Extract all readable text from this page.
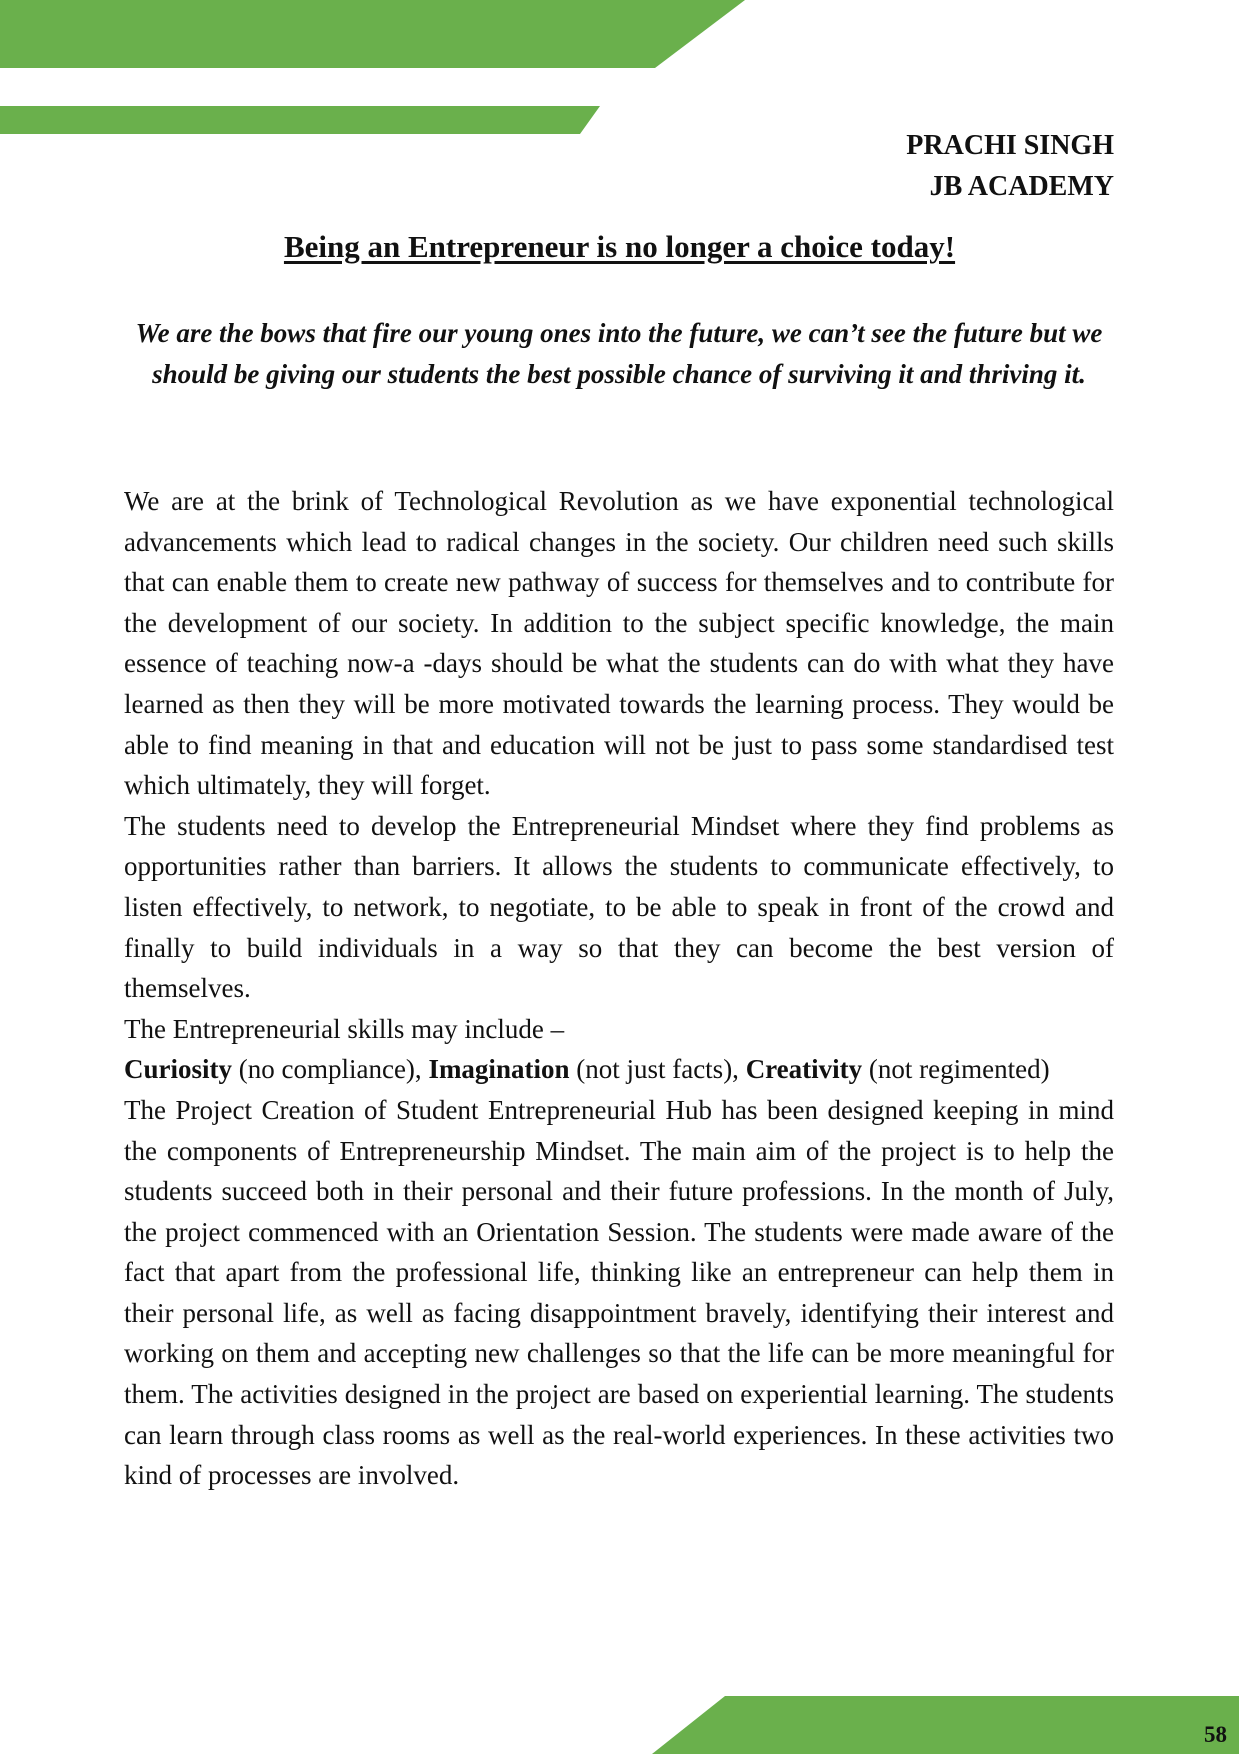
PRACHI SINGH
JB ACADEMY
Being an Entrepreneur is no longer a choice today!
We are the bows that fire our young ones into the future, we can’t see the future but we should be giving our students the best possible chance of surviving it and thriving it.

We are at the brink of Technological Revolution as we have exponential technological advancements which lead to radical changes in the society. Our children need such skills that can enable them to create new pathway of success for themselves and to contribute for the development of our society. In addition to the subject specific knowledge, the main essence of teaching now-a -days should be what the students can do with what they have learned as then they will be more motivated towards the learning process. They would be able to find meaning in that and education will not be just to pass some standardised test which ultimately, they will forget.

The students need to develop the Entrepreneurial Mindset where they find problems as opportunities rather than barriers. It allows the students to communicate effectively, to listen effectively, to network, to negotiate, to be able to speak in front of the crowd and finally to build individuals in a way so that they can become the best version of themselves.

The Entrepreneurial skills may include –

Curiosity (no compliance), Imagination (not just facts), Creativity (not regimented)

The Project Creation of Student Entrepreneurial Hub has been designed keeping in mind the components of Entrepreneurship Mindset. The main aim of the project is to help the students succeed both in their personal and their future professions. In the month of July, the project commenced with an Orientation Session. The students were made aware of the fact that apart from the professional life, thinking like an entrepreneur can help them in their personal life, as well as facing disappointment bravely, identifying their interest and working on them and accepting new challenges so that the life can be more meaningful for them. The activities designed in the project are based on experiential learning. The students can learn through class rooms as well as the real-world experiences. In these activities two kind of processes are involved.

58
